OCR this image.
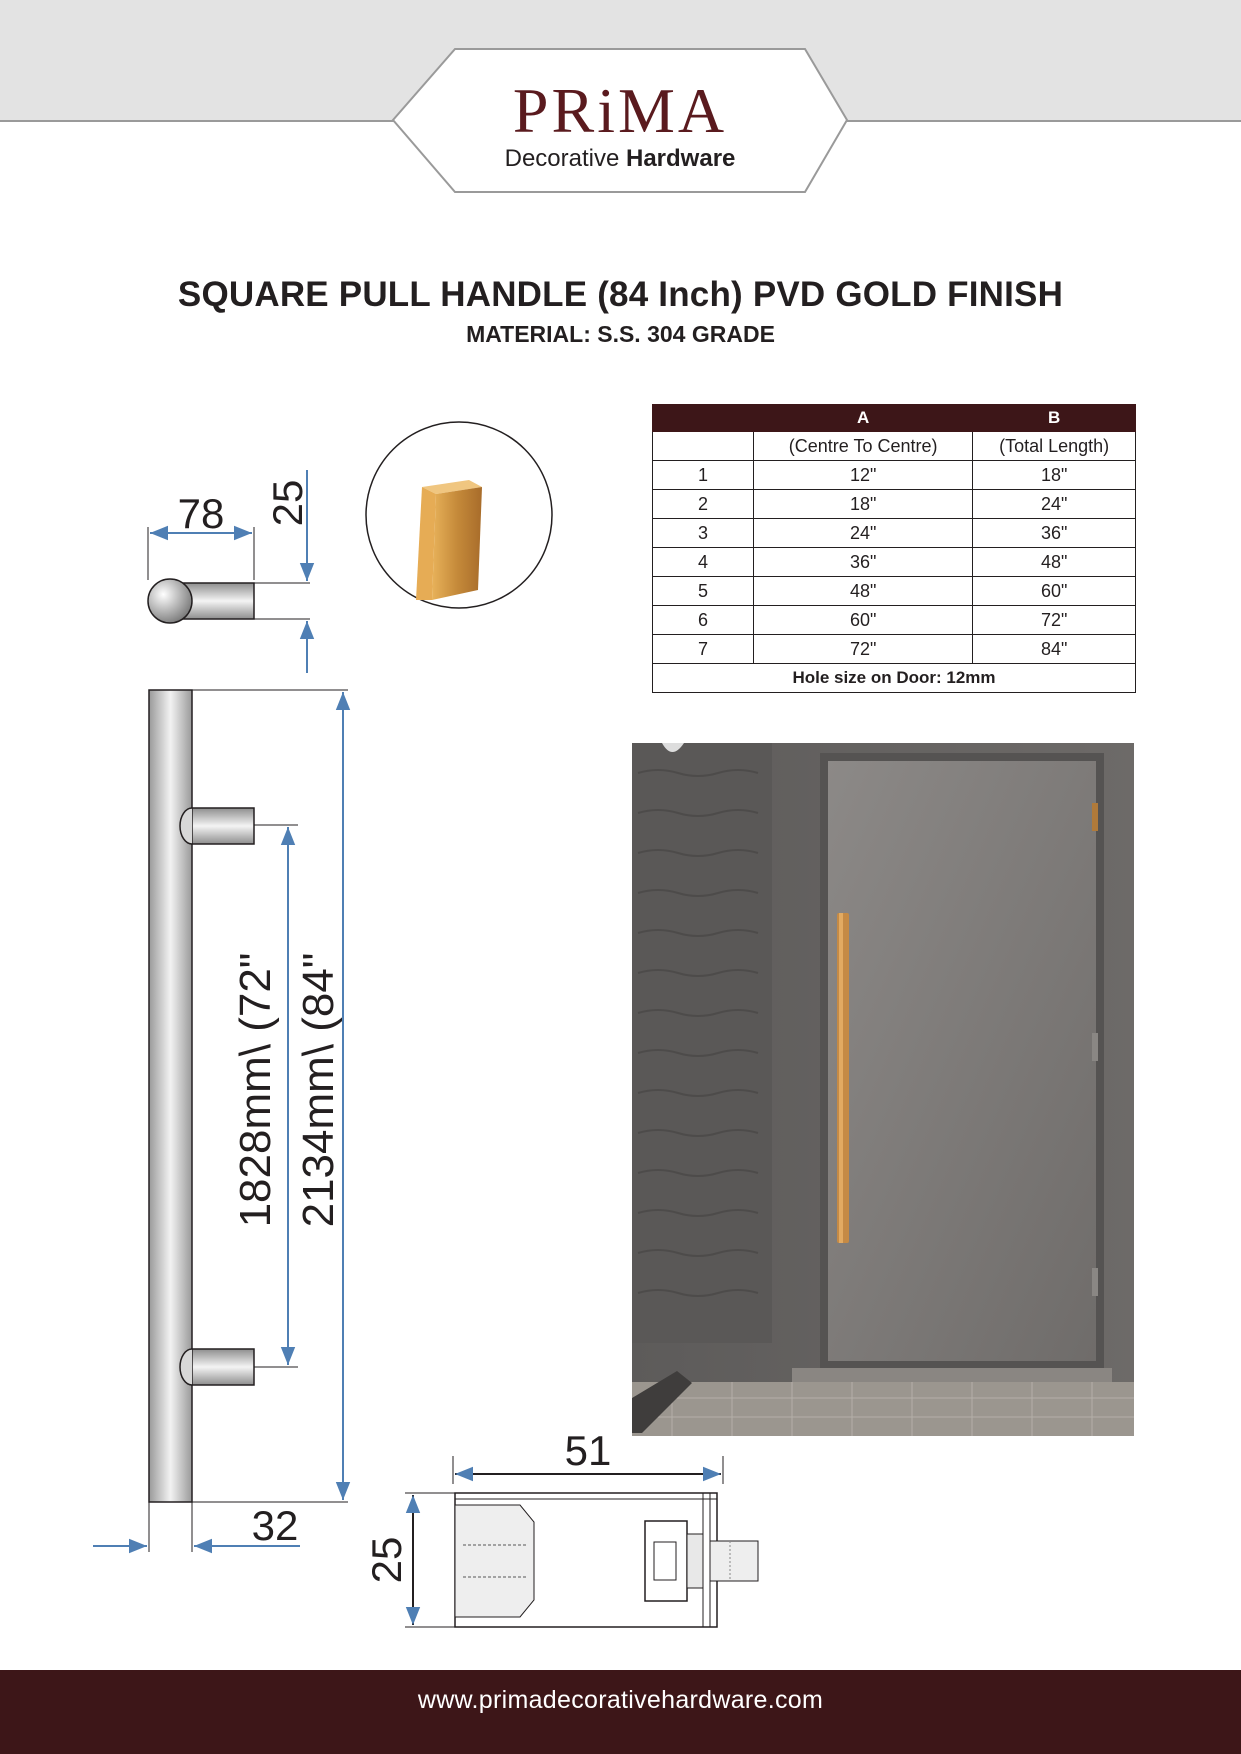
PRiMA
Decorative Hardware
SQUARE PULL HANDLE (84 Inch) PVD GOLD FINISH
MATERIAL: S.S. 304 GRADE
78 25
1828mm\ (72" 2134mm\ (84"
32
51
25
	A	B
	(Centre To Centre)	(Total Length)
1	12"	18"
2	18"	24"
3	24"	36"
4	36"	48"
5	48"	60"
6	60"	72"
7	72"	84"
Hole size on Door: 12mm		
www.primadecorativehardware.com
